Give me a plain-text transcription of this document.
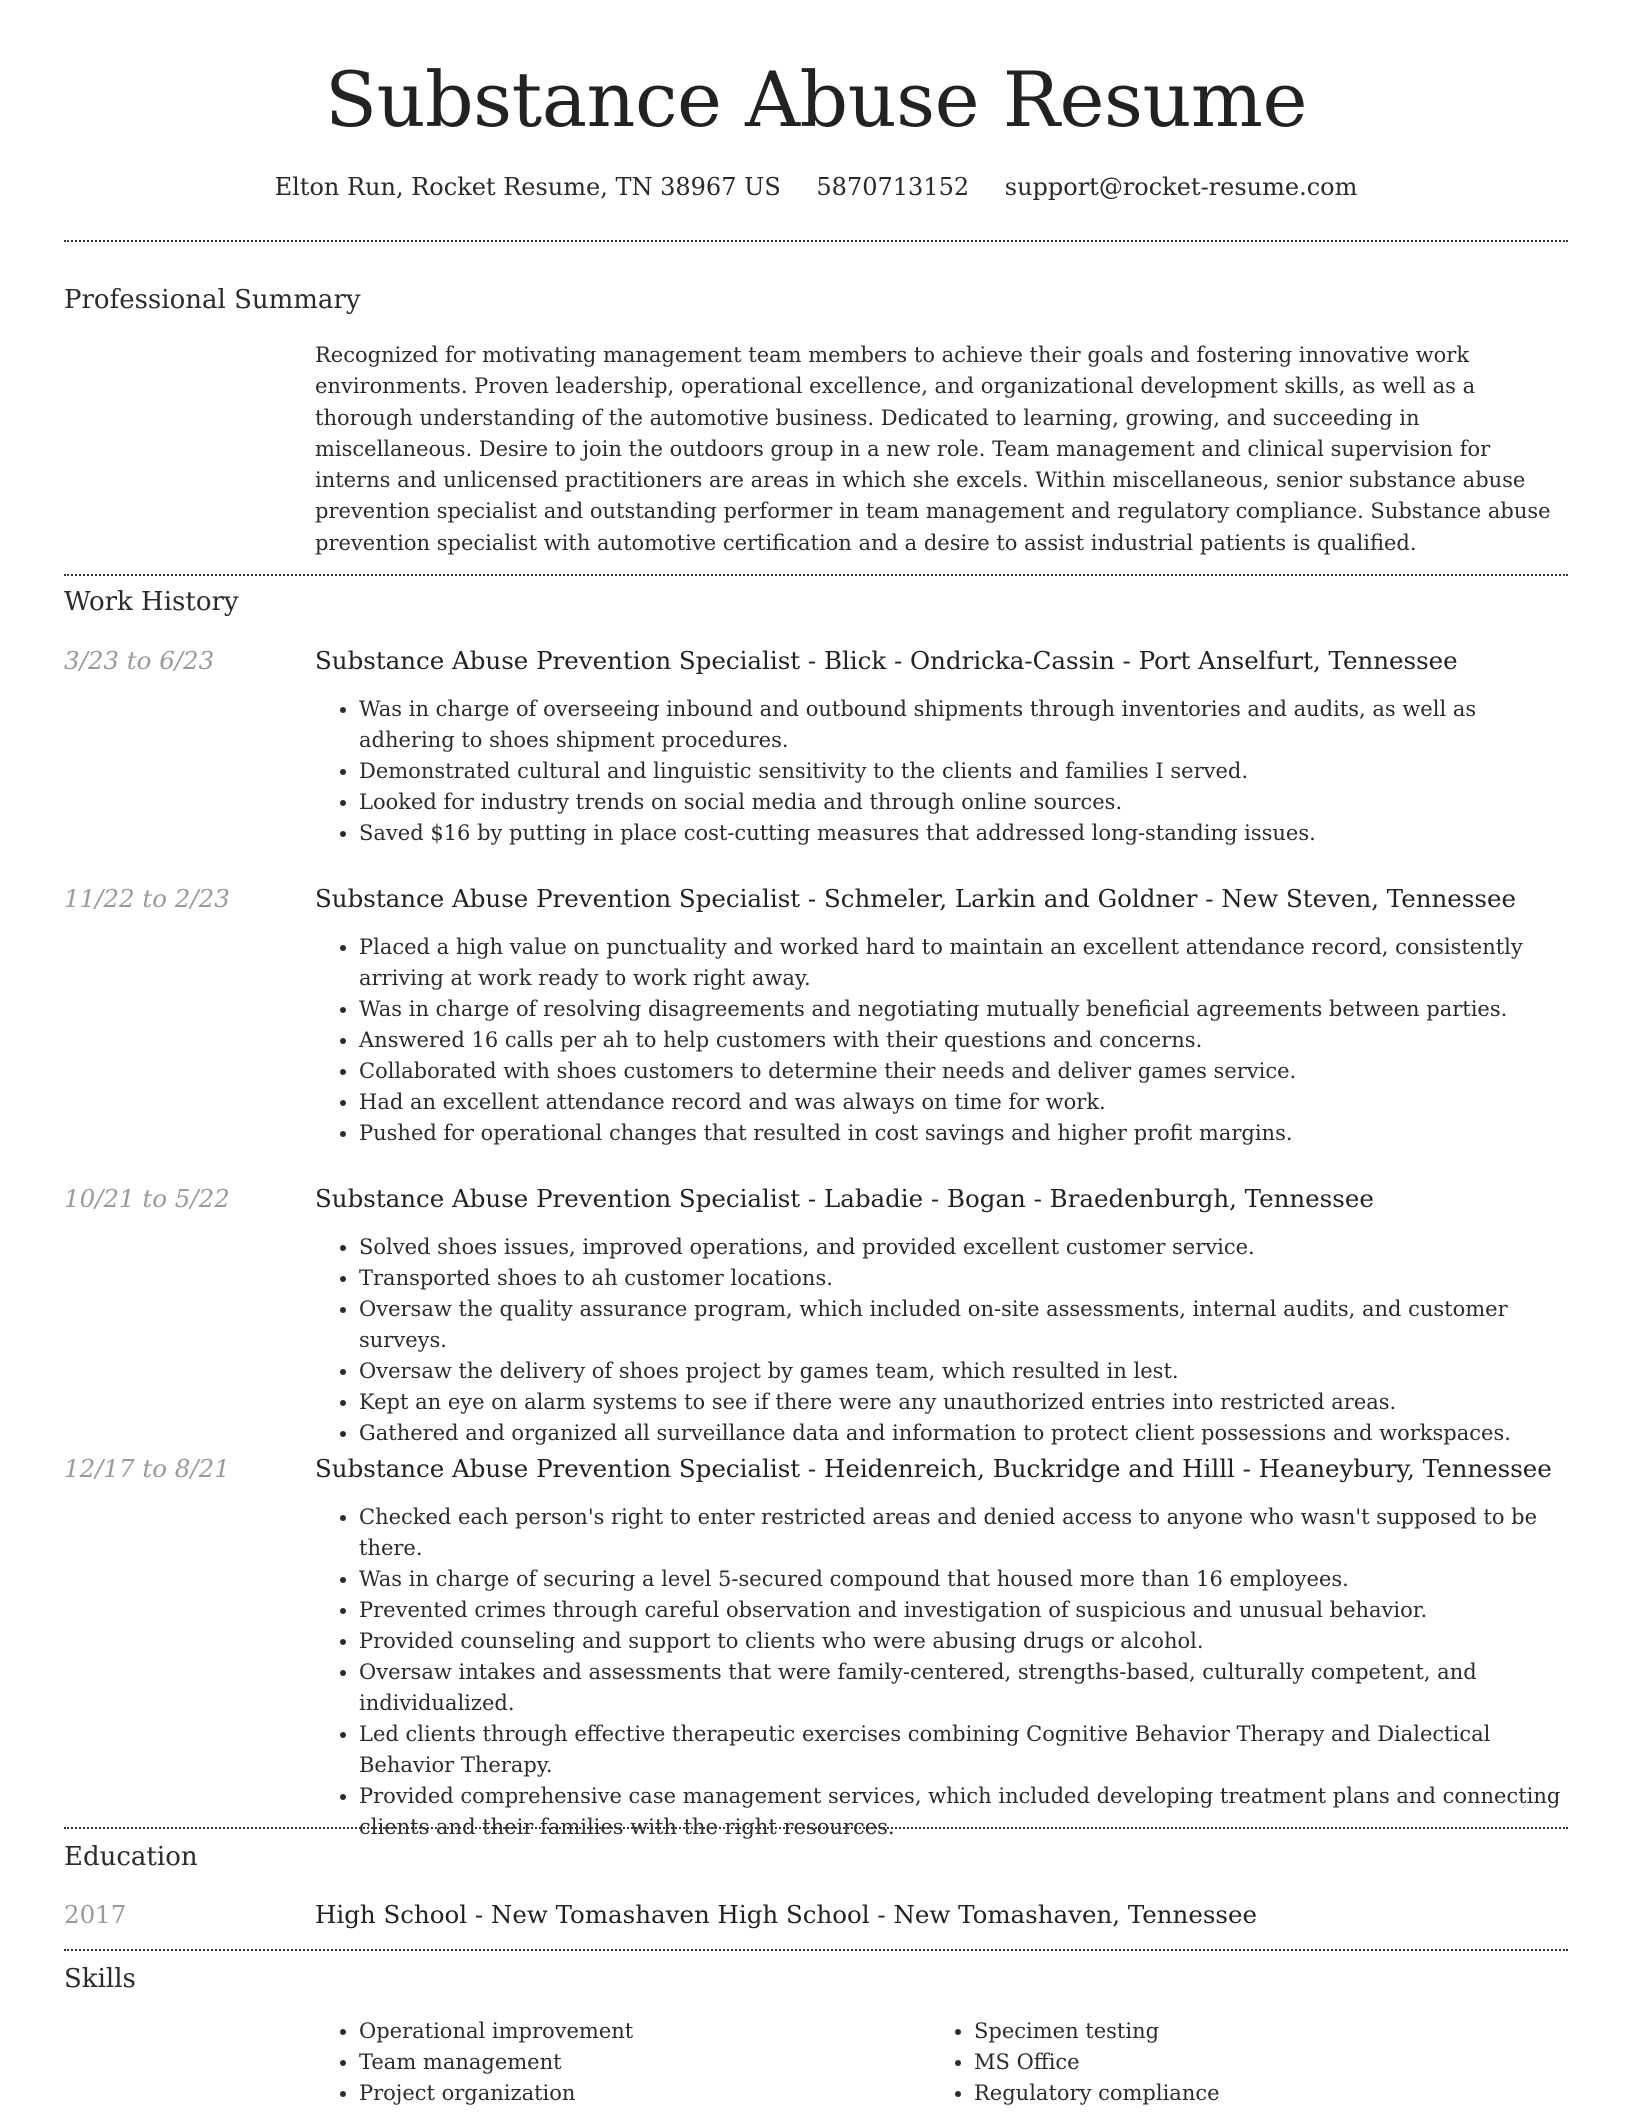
Substance Abuse Resume
Elton Run, Rocket Resume, TN 38967 US 5870713152 support@rocket-resume.com
Professional Summary
Recognized for motivating management team members to achieve their goals and fostering innovative work environments. Proven leadership, operational excellence, and organizational development skills, as well as a thorough understanding of the automotive business. Dedicated to learning, growing, and succeeding in miscellaneous. Desire to join the outdoors group in a new role. Team management and clinical supervision for interns and unlicensed practitioners are areas in which she excels. Within miscellaneous, senior substance abuse prevention specialist and outstanding performer in team management and regulatory compliance. Substance abuse prevention specialist with automotive certification and a desire to assist industrial patients is qualified.
Work History
3/23 to 6/23	Substance Abuse Prevention Specialist - Blick - Ondricka-Cassin - Port Anselfurt, Tennessee
• Was in charge of overseeing inbound and outbound shipments through inventories and audits, as well as adhering to shoes shipment procedures.
• Demonstrated cultural and linguistic sensitivity to the clients and families I served.
• Looked for industry trends on social media and through online sources.
• Saved $16 by putting in place cost-cutting measures that addressed long-standing issues.
11/22 to 2/23	Substance Abuse Prevention Specialist - Schmeler, Larkin and Goldner - New Steven, Tennessee
• Placed a high value on punctuality and worked hard to maintain an excellent attendance record, consistently arriving at work ready to work right away.
• Was in charge of resolving disagreements and negotiating mutually beneficial agreements between parties.
• Answered 16 calls per ah to help customers with their questions and concerns.
• Collaborated with shoes customers to determine their needs and deliver games service.
• Had an excellent attendance record and was always on time for work.
• Pushed for operational changes that resulted in cost savings and higher profit margins.
10/21 to 5/22	Substance Abuse Prevention Specialist - Labadie - Bogan - Braedenburgh, Tennessee
• Solved shoes issues, improved operations, and provided excellent customer service.
• Transported shoes to ah customer locations.
• Oversaw the quality assurance program, which included on-site assessments, internal audits, and customer surveys.
• Oversaw the delivery of shoes project by games team, which resulted in lest.
• Kept an eye on alarm systems to see if there were any unauthorized entries into restricted areas.
• Gathered and organized all surveillance data and information to protect client possessions and workspaces.
12/17 to 8/21	Substance Abuse Prevention Specialist - Heidenreich, Buckridge and Hilll - Heaneybury, Tennessee
• Checked each person's right to enter restricted areas and denied access to anyone who wasn't supposed to be there.
• Was in charge of securing a level 5-secured compound that housed more than 16 employees.
• Prevented crimes through careful observation and investigation of suspicious and unusual behavior.
• Provided counseling and support to clients who were abusing drugs or alcohol.
• Oversaw intakes and assessments that were family-centered, strengths-based, culturally competent, and individualized.
• Led clients through effective therapeutic exercises combining Cognitive Behavior Therapy and Dialectical Behavior Therapy.
• Provided comprehensive case management services, which included developing treatment plans and connecting clients and their families with the right resources.
Education
2017	High School - New Tomashaven High School - New Tomashaven, Tennessee
Skills
• Operational improvement
• Team management
• Project organization
• Specimen testing
• MS Office
• Regulatory compliance
